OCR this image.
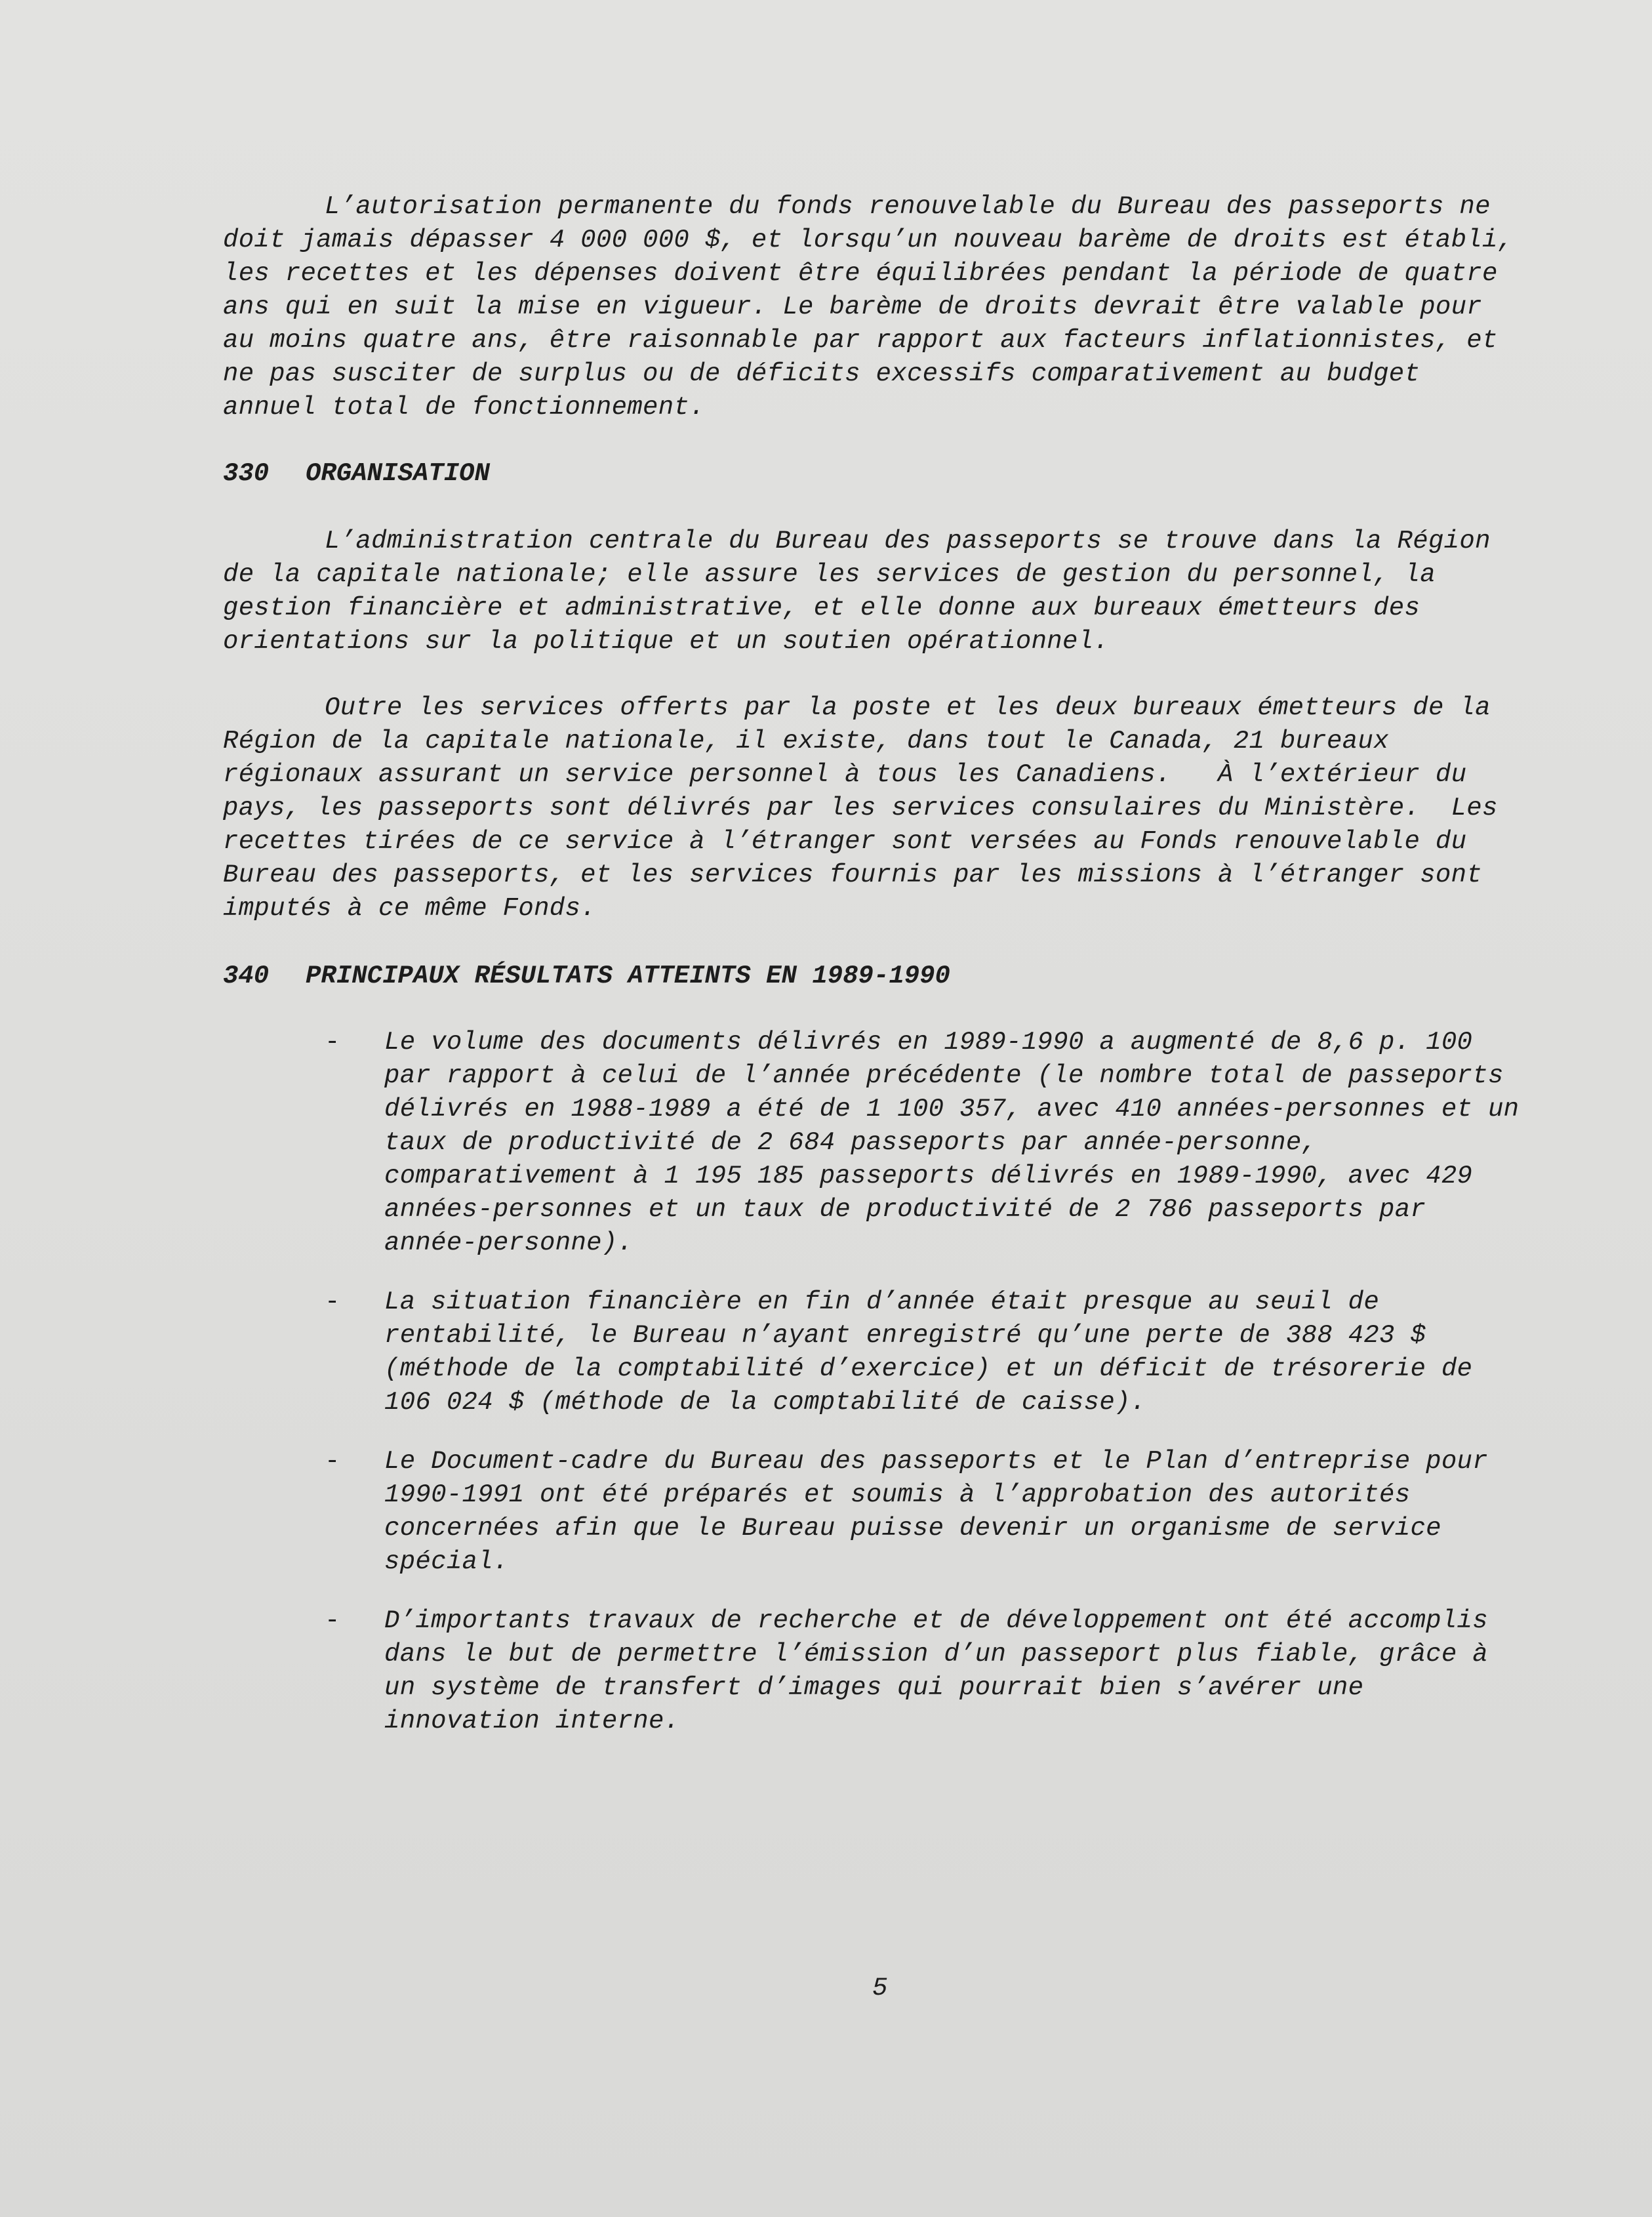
L’autorisation permanente du fonds renouvelable du Bureau des passeports ne doit jamais dépasser 4 000 000 $, et lorsqu’un nouveau barème de droits est établi, les recettes et les dépenses doivent être équilibrées pendant la période de quatre ans qui en suit la mise en vigueur. Le barème de droits devrait être valable pour au moins quatre ans, être raisonnable par rapport aux facteurs inflationnistes, et ne pas susciter de surplus ou de déficits excessifs comparativement au budget annuel total de fonctionnement.

330 ORGANISATION

L’administration centrale du Bureau des passeports se trouve dans la Région de la capitale nationale; elle assure les services de gestion du personnel, la gestion financière et administrative, et elle donne aux bureaux émetteurs des orientations sur la politique et un soutien opérationnel.

Outre les services offerts par la poste et les deux bureaux émetteurs de la Région de la capitale nationale, il existe, dans tout le Canada, 21 bureaux régionaux assurant un service personnel à tous les Canadiens.   À l’extérieur du pays, les passeports sont délivrés par les services consulaires du Ministère.  Les recettes tirées de ce service à l’étranger sont versées au Fonds renouvelable du Bureau des passeports, et les services fournis par les missions à l’étranger sont imputés à ce même Fonds.

340 PRINCIPAUX RÉSULTATS ATTEINTS EN 1989-1990
- Le volume des documents délivrés en 1989-1990 a augmenté de 8,6 p. 100 par rapport à celui de l’année précédente (le nombre total de passeports délivrés en 1988-1989 a été de 1 100 357, avec 410 années-personnes et un taux de productivité de 2 684 passeports par année-personne, comparativement à 1 195 185 passeports délivrés en 1989-1990, avec 429 années-personnes et un taux de productivité de 2 786 passeports par année-personne).
- La situation financière en fin d’année était presque au seuil de rentabilité, le Bureau n’ayant enregistré qu’une perte de 388 423 $ (méthode de la comptabilité d’exercice) et un déficit de trésorerie de 106 024 $ (méthode de la comptabilité de caisse).
- Le Document-cadre du Bureau des passeports et le Plan d’entreprise pour 1990-1991 ont été préparés et soumis à l’approbation des autorités concernées afin que le Bureau puisse devenir un organisme de service spécial.
- D’importants travaux de recherche et de développement ont été accomplis dans le but de permettre l’émission d’un passeport plus fiable, grâce à un système de transfert d’images qui pourrait bien s’avérer une innovation interne.
5
